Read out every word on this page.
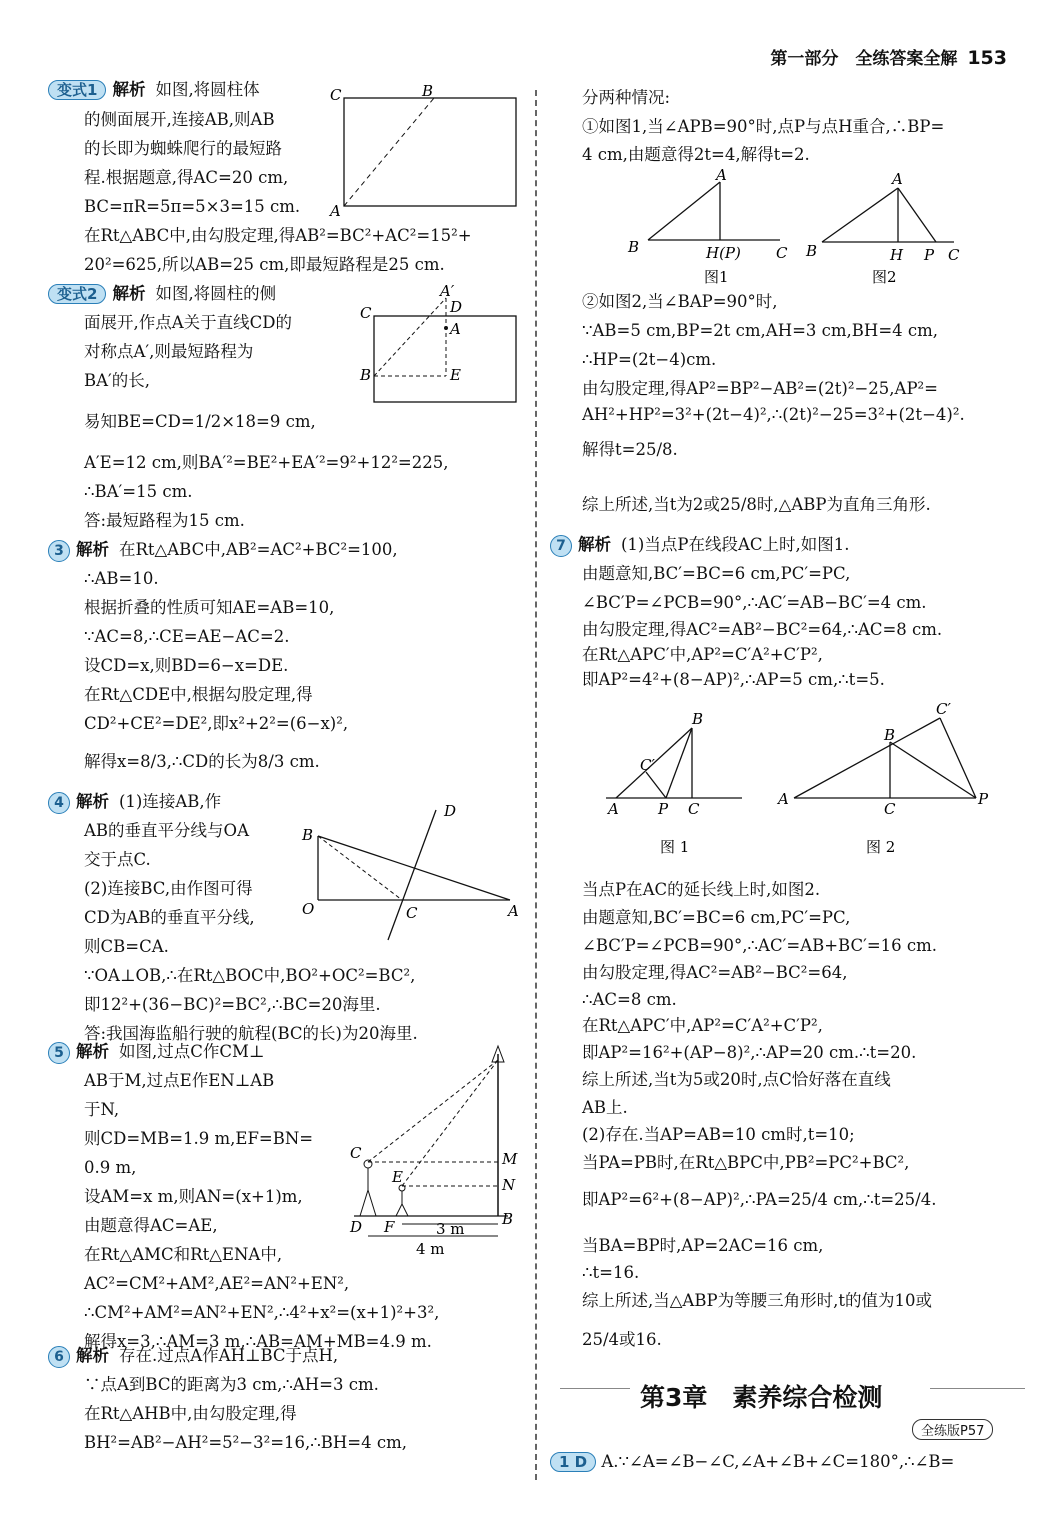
第一部分　全练答案全解 153
变式1 解析 如图,将圆柱体
的侧面展开,连接AB,则AB
的长即为蜘蛛爬行的最短路
程.根据题意,得AC=20 cm,
BC=πR=5π=5×3=15 cm.
在Rt△ABC中,由勾股定理,得AB²=BC²+AC²=15²+
20²=625,所以AB=25 cm,即最短路程是25 cm.
C	B
A
变式2 解析 如图,将圆柱的侧
面展开,作点A关于直线CD的
对称点A′,则最短路程为
BA′的长,
易知BE=CD=1/2×18=9 cm,
A′E=12 cm,则BA′²=BE²+EA′²=9²+12²=225,
∴BA′=15 cm.
答:最短路程为15 cm.
A′
D
A
C
B	E
3 解析 在Rt△ABC中,AB²=AC²+BC²=100,
∴AB=10.
根据折叠的性质可知AE=AB=10,
∵AC=8,∴CE=AE−AC=2.
设CD=x,则BD=6−x=DE.
在Rt△CDE中,根据勾股定理,得
CD²+CE²=DE²,即x²+2²=(6−x)²,
解得x=8/3,∴CD的长为8/3 cm.
4 解析 (1)连接AB,作
AB的垂直平分线与OA
交于点C.
(2)连接BC,由作图可得
CD为AB的垂直平分线,
则CB=CA.
∵OA⊥OB,∴在Rt△BOC中,BO²+OC²=BC²,
即12²+(36−BC)²=BC²,∴BC=20海里.
答:我国海监船行驶的航程(BC的长)为20海里.
B
O	C	A
D
5 解析 如图,过点C作CM⊥
AB于M,过点E作EN⊥AB
于N,
则CD=MB=1.9 m,EF=BN=
0.9 m,
设AM=x m,则AN=(x+1)m,
由题意得AC=AE,
在Rt△AMC和Rt△ENA中,
AC²=CM²+AM²,AE²=AN²+EN²,
∴CM²+AM²=AN²+EN²,∴4²+x²=(x+1)²+3²,
解得x=3,∴AM=3 m,∴AB=AM+MB=4.9 m.
C
E
M
N
D F	B
3 m
4 m
6 解析 存在.过点A作AH⊥BC于点H,
∵点A到BC的距离为3 cm,∴AH=3 cm.
在Rt△AHB中,由勾股定理,得
BH²=AB²−AH²=5²−3²=16,∴BH=4 cm,
分两种情况:
①如图1,当∠APB=90°时,点P与点H重合,∴BP=
4 cm,由题意得2t=4,解得t=2.
B
A
H(P) C
图1
B
A
H P C
图2
②如图2,当∠BAP=90°时,
∵AB=5 cm,BP=2t cm,AH=3 cm,BH=4 cm,
∴HP=(2t−4)cm.
由勾股定理,得AP²=BP²−AB²=(2t)²−25,AP²=
AH²+HP²=3²+(2t−4)²,∴(2t)²−25=3²+(2t−4)².
解得t=25/8.
综上所述,当t为2或25/8时,△ABP为直角三角形.
7 解析 (1)当点P在线段AC上时,如图1.
由题意知,BC′=BC=6 cm,PC′=PC,
∠BC′P=∠PCB=90°,∴AC′=AB−BC′=4 cm.
由勾股定理,得AC²=AB²−BC²=64,∴AC=8 cm.
在Rt△APC′中,AP²=C′A²+C′P²,
即AP²=4²+(8−AP)²,∴AP=5 cm,∴t=5.
A
B
C′
P C
图 1
A
B
C′
C
P
图 2
当点P在AC的延长线上时,如图2.
由题意知,BC′=BC=6 cm,PC′=PC,
∠BC′P=∠PCB=90°,∴AC′=AB+BC′=16 cm.
由勾股定理,得AC²=AB²−BC²=64,
∴AC=8 cm.
在Rt△APC′中,AP²=C′A²+C′P²,
即AP²=16²+(AP−8)²,∴AP=20 cm.∴t=20.
综上所述,当t为5或20时,点C恰好落在直线
AB上.
(2)存在.当AP=AB=10 cm时,t=10;
当PA=PB时,在Rt△BPC中,PB²=PC²+BC²,
即AP²=6²+(8−AP)²,∴PA=25/4 cm,∴t=25/4.
当BA=BP时,AP=2AC=16 cm,
∴t=16.
综上所述,当△ABP为等腰三角形时,t的值为10或
25/4或16.
第3章　素养综合检测
全练版P57
1 D A.∵∠A=∠B−∠C,∠A+∠B+∠C=180°,∴∠B=
